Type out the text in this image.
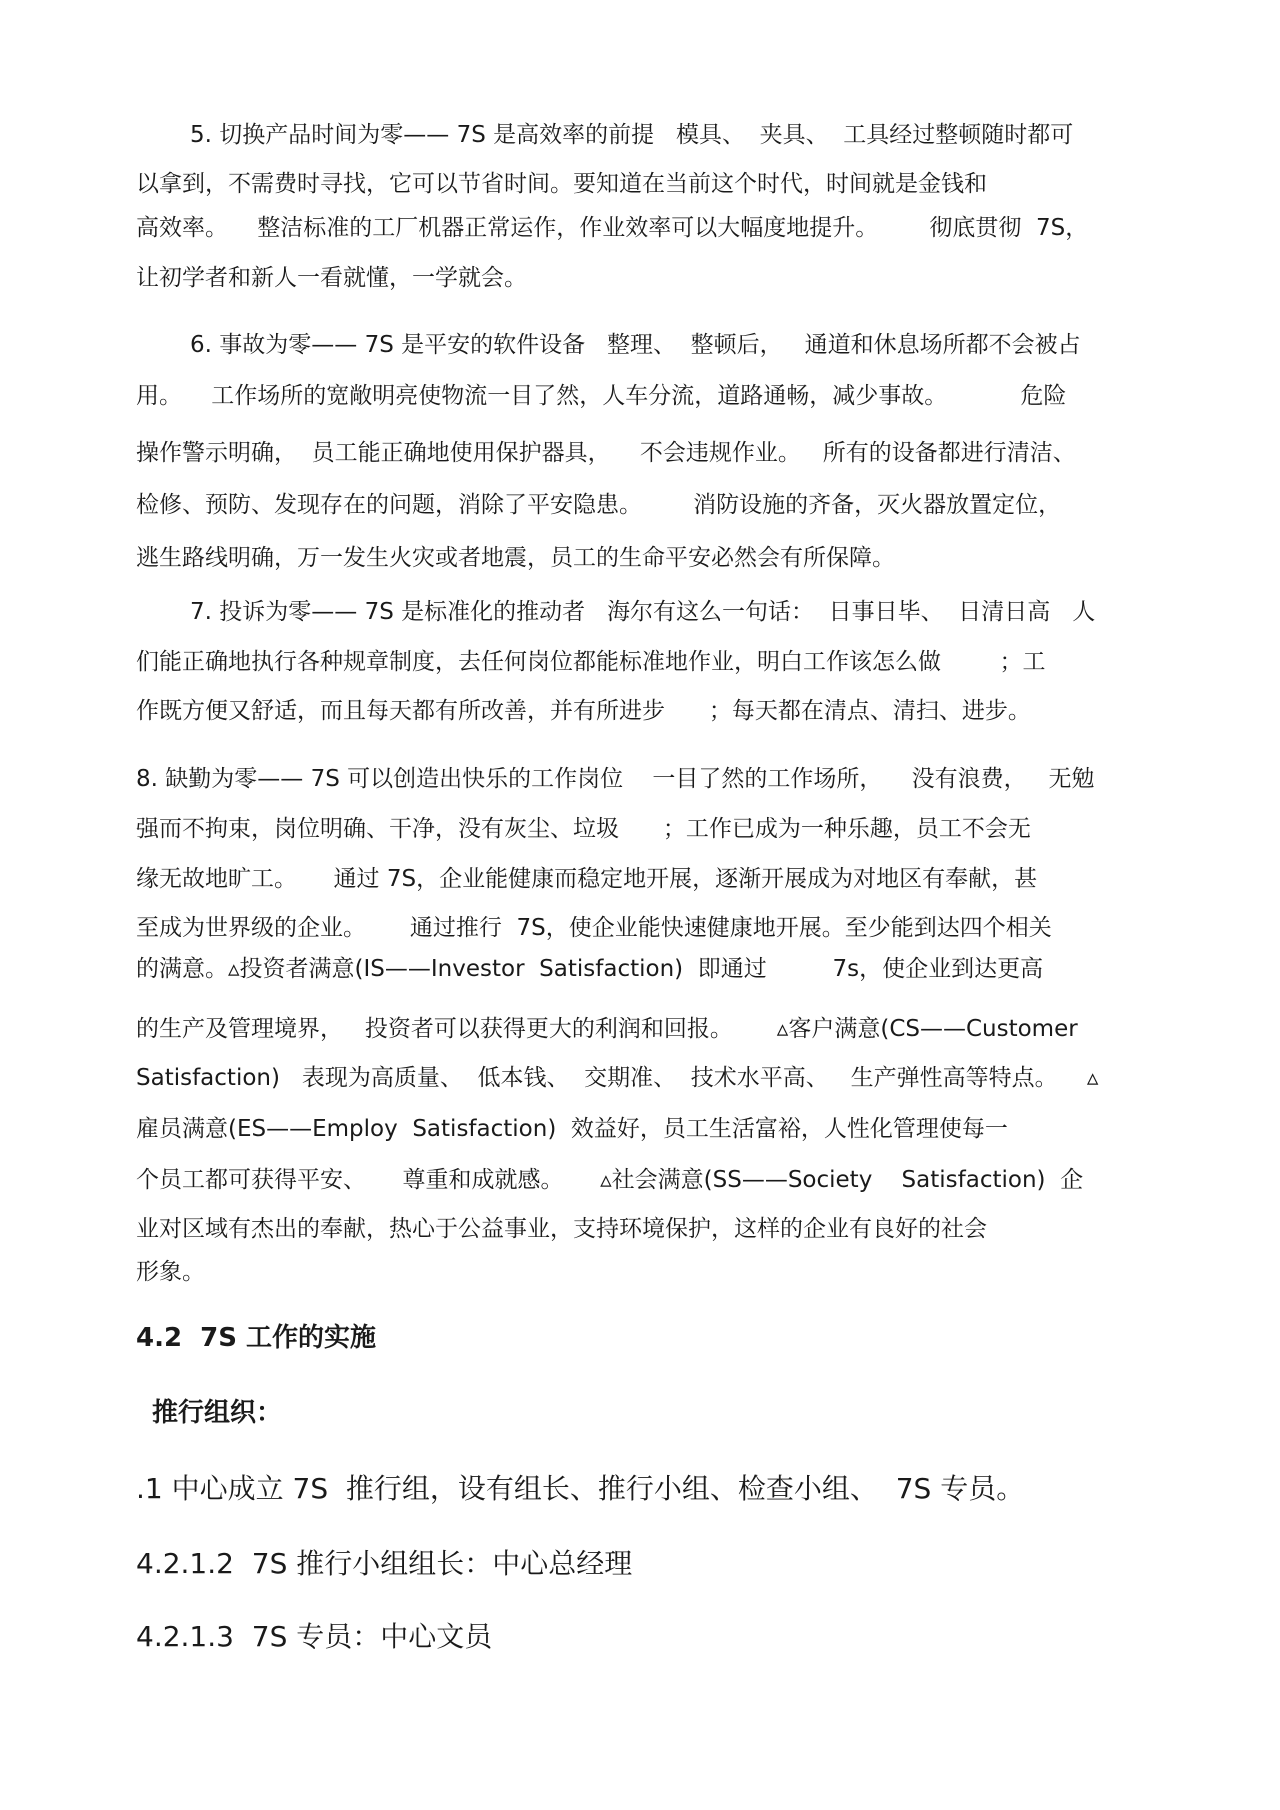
5. 切换产品时间为零—— 7S 是高效率的前提   模具、  夹具、  工具经过整顿随时都可
以拿到，不需费时寻找，它可以节省时间。要知道在当前这个时代，时间就是金钱和
高效率。    整洁标准的工厂机器正常运作，作业效率可以大幅度地提升。       彻底贯彻  7S，
让初学者和新人一看就懂，一学就会。
6. 事故为零—— 7S 是平安的软件设备   整理、  整顿后，   通道和休息场所都不会被占
用。    工作场所的宽敞明亮使物流一目了然，人车分流，道路通畅，减少事故。          危险
操作警示明确，  员工能正确地使用保护器具，    不会违规作业。   所有的设备都进行清洁、
检修、预防、发现存在的问题，消除了平安隐患。       消防设施的齐备，灭火器放置定位，
逃生路线明确，万一发生火灾或者地震，员工的生命平安必然会有所保障。
7. 投诉为零—— 7S 是标准化的推动者   海尔有这么一句话：  日事日毕、  日清日高   人
们能正确地执行各种规章制度，去任何岗位都能标准地作业，明白工作该怎么做        ；工
作既方便又舒适，而且每天都有所改善，并有所进步      ；每天都在清点、清扫、进步。
8. 缺勤为零—— 7S 可以创造出快乐的工作岗位    一目了然的工作场所，    没有浪费，   无勉
强而不拘束，岗位明确、干净，没有灰尘、垃圾      ；工作已成为一种乐趣，员工不会无
缘无故地旷工。     通过 7S，企业能健康而稳定地开展，逐渐开展成为对地区有奉献，甚
至成为世界级的企业。      通过推行  7S，使企业能快速健康地开展。至少能到达四个相关
的满意。▵投资者满意(IS——Investor  Satisfaction)  即通过         7s，使企业到达更高
的生产及管理境界，   投资者可以获得更大的利润和回报。      ▵客户满意(CS——Customer
Satisfaction)   表现为高质量、  低本钱、  交期准、  技术水平高、   生产弹性高等特点。    ▵
雇员满意(ES——Employ  Satisfaction)  效益好，员工生活富裕，人性化管理使每一
个员工都可获得平安、     尊重和成就感。     ▵社会满意(SS——Society    Satisfaction)  企
业对区域有杰出的奉献，热心于公益事业，支持环境保护，这样的企业有良好的社会
形象。
4.2  7S 工作的实施
推行组织：
.1 中心成立 7S  推行组，设有组长、推行小组、检查小组、  7S 专员。
4.2.1.2  7S 推行小组组长：中心总经理
4.2.1.3  7S 专员：中心文员
